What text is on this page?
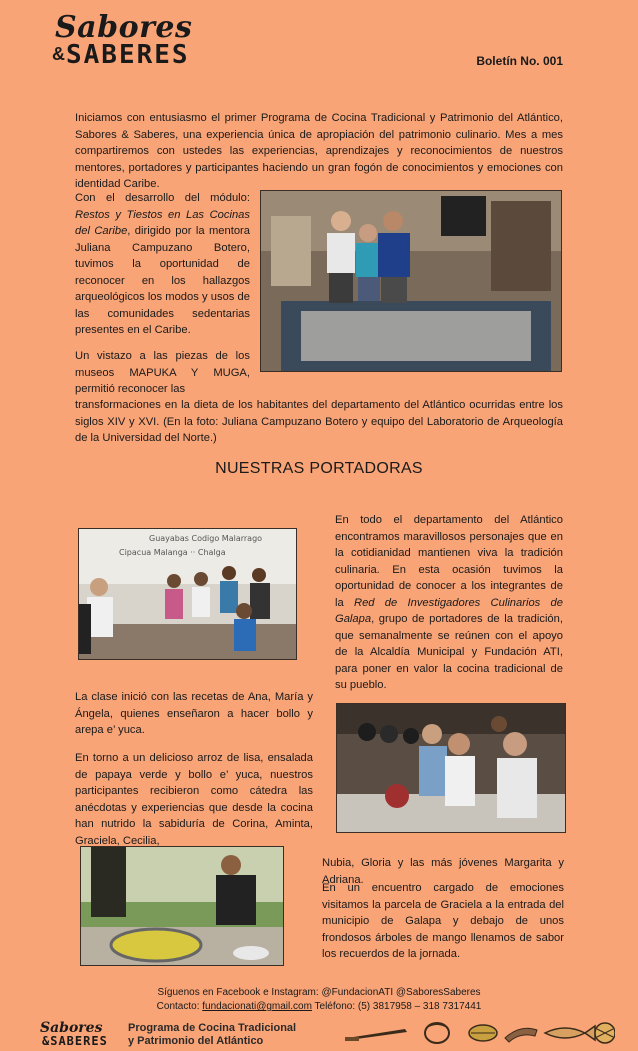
Sabores
& SABERES	Boletín No. 001

Iniciamos con entusiasmo el primer Programa de Cocina Tradicional y Patrimonio del Atlántico, Sabores & Saberes, una experiencia única de apropiación del patrimonio culinario. Mes a mes compartiremos con ustedes las experiencias, aprendizajes y reconocimientos de nuestros mentores, portadores y participantes haciendo un gran fogón de conocimientos y emociones con identidad Caribe.

Con el desarrollo del módulo: Restos y Tiestos en Las Cocinas del Caribe, dirigido por la mentora Juliana Campuzano Botero, tuvimos la oportunidad de reconocer en los hallazgos arqueológicos los modos y usos de las comunidades sedentarias presentes en el Caribe.

Un vistazo a las piezas de los museos MAPUKA Y MUGA, permitió reconocer las

transformaciones en la dieta de los habitantes del departamento del Atlántico ocurridas entre los siglos XIV y XVI. (En la foto: Juliana Campuzano Botero y equipo del Laboratorio de Arqueología de la Universidad del Norte.)

NUESTRAS PORTADORAS
Guayabas Codigo Malarrago
Cipacua Malanga ·· Chalga

En todo el departamento del Atlántico encontramos maravillosos personajes que en la cotidianidad mantienen viva la tradición culinaria. En esta ocasión tuvimos la oportunidad de conocer a los integrantes de la Red de Investigadores Culinarios de Galapa, grupo de portadores de la tradición, que semanalmente se reúnen con el apoyo de la Alcaldía Municipal y Fundación ATI, para poner en valor la cocina tradicional de su pueblo.

La clase inició con las recetas de Ana, María y Ángela, quienes enseñaron a hacer bollo y arepa e’ yuca.

En torno a un delicioso arroz de lisa, ensalada de papaya verde y bollo e’ yuca, nuestros participantes recibieron como cátedra las anécdotas y experiencias que desde la cocina han nutrido la sabiduría de Corina, Aminta, Graciela, Cecilia,

Nubia, Gloria y las más jóvenes Margarita y Adriana.

En un encuentro cargado de emociones visitamos la parcela de Graciela a la entrada del municipio de Galapa y debajo de unos frondosos árboles de mango llenamos de sabor los recuerdos de la jornada.

Síguenos en Facebook e Instagram: @FundacionATI @SaboresSaberes
Contacto: fundacionati@gmail.com Teléfono: (5) 3817958 – 318 7317441
Sabores
&SABERES
Programa de Cocina Tradicional
y Patrimonio del Atlántico
